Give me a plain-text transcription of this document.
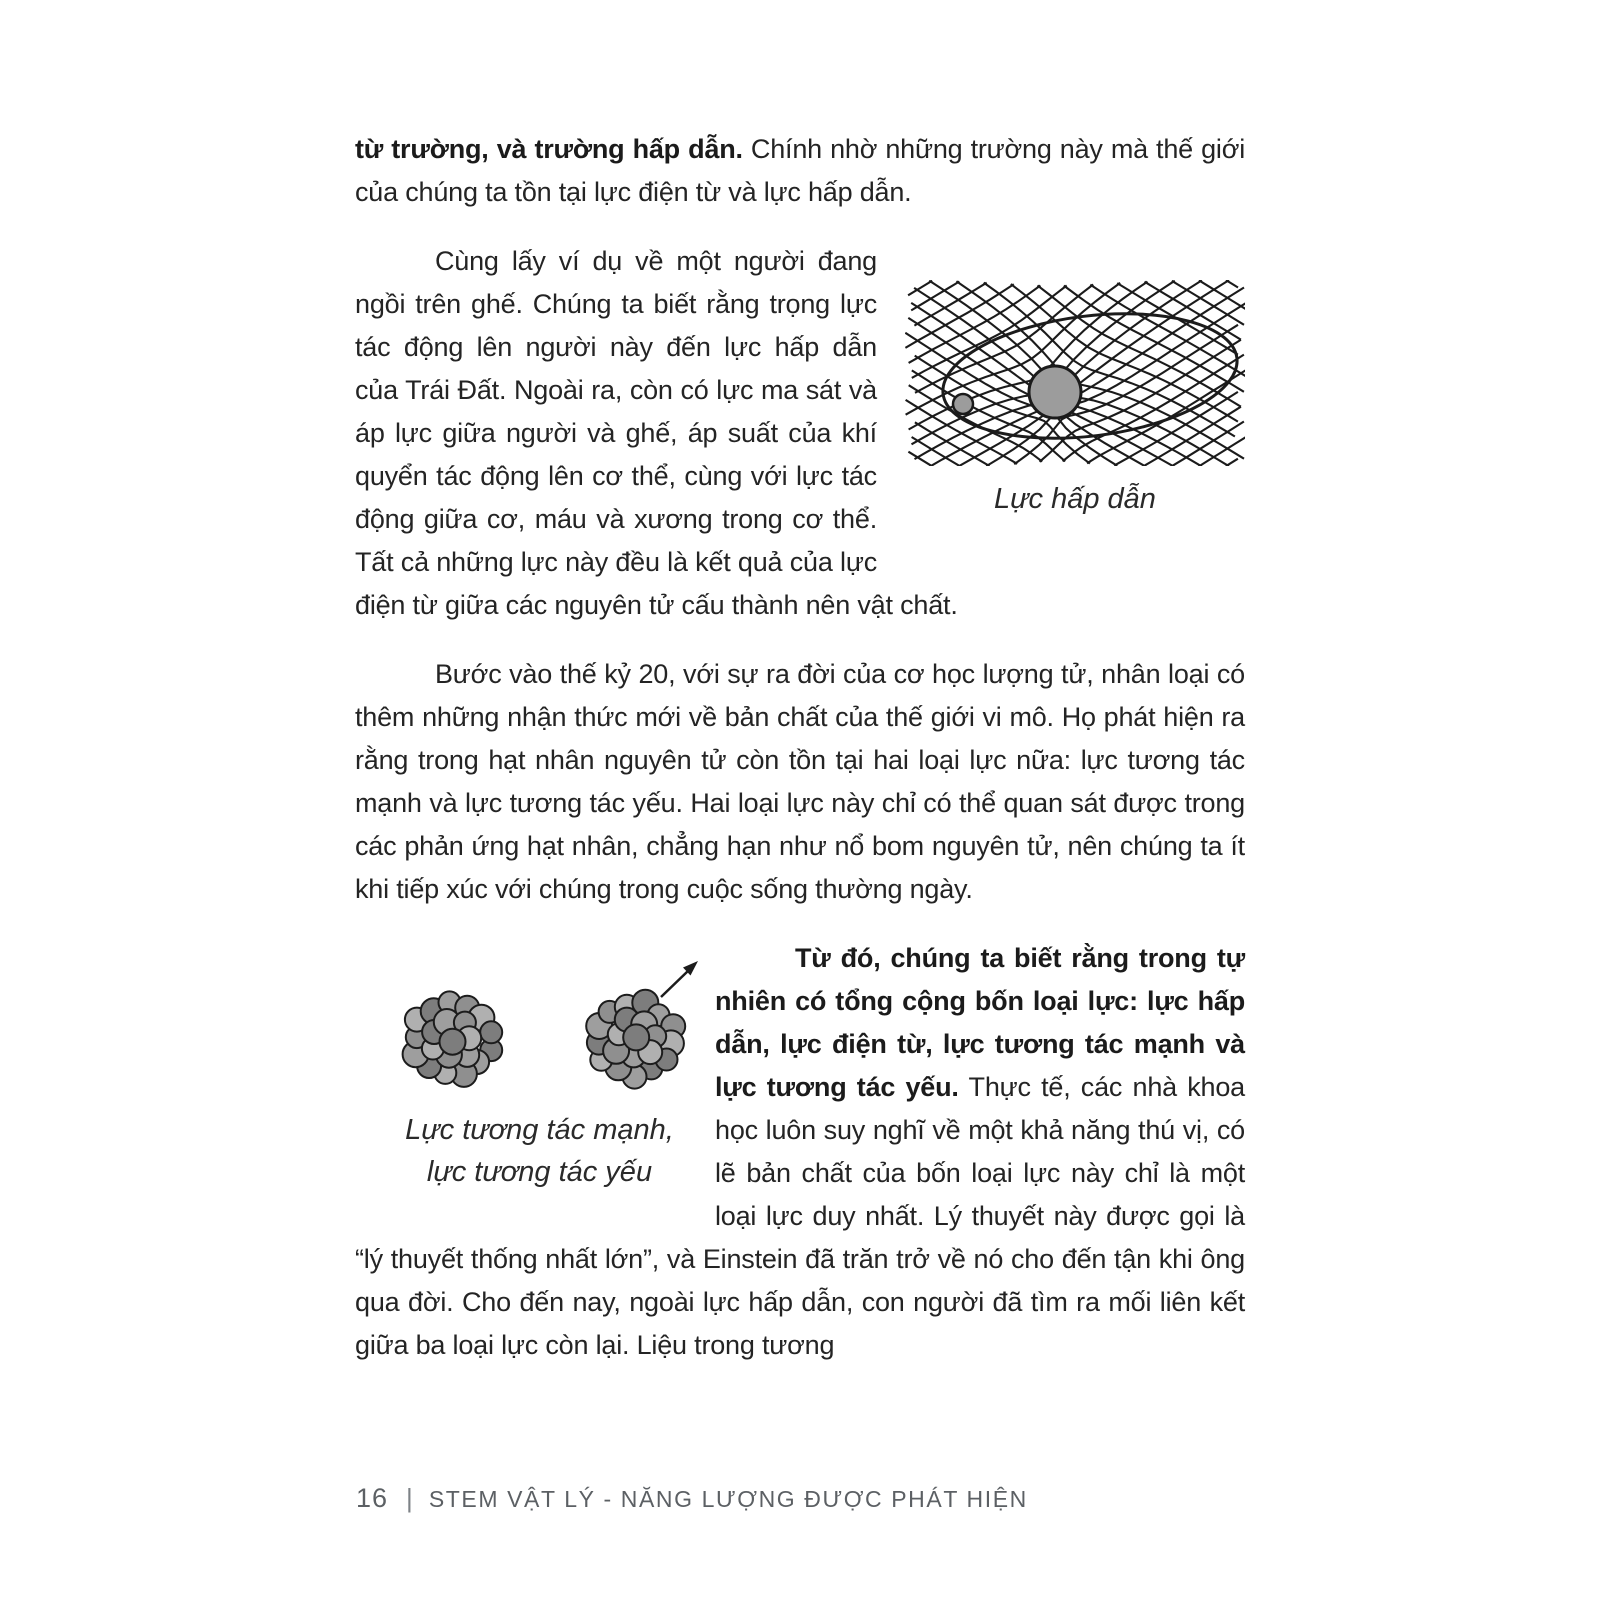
từ trường, và trường hấp dẫn. Chính nhờ những trường này mà thế giới của chúng ta tồn tại lực điện từ và lực hấp dẫn.

Lực hấp dẫn

Cùng lấy ví dụ về một người đang ngồi trên ghế. Chúng ta biết rằng trọng lực tác động lên người này đến lực hấp dẫn của Trái Đất. Ngoài ra, còn có lực ma sát và áp lực giữa người và ghế, áp suất của khí quyển tác động lên cơ thể, cùng với lực tác động giữa cơ, máu và xương trong cơ thể. Tất cả những lực này đều là kết quả của lực điện từ giữa các nguyên tử cấu thành nên vật chất.

Bước vào thế kỷ 20, với sự ra đời của cơ học lượng tử, nhân loại có thêm những nhận thức mới về bản chất của thế giới vi mô. Họ phát hiện ra rằng trong hạt nhân nguyên tử còn tồn tại hai loại lực nữa: lực tương tác mạnh và lực tương tác yếu. Hai loại lực này chỉ có thể quan sát được trong các phản ứng hạt nhân, chẳng hạn như nổ bom nguyên tử, nên chúng ta ít khi tiếp xúc với chúng trong cuộc sống thường ngày.

Lực tương tác mạnh,
lực tương tác yếu

Từ đó, chúng ta biết rằng trong tự nhiên có tổng cộng bốn loại lực: lực hấp dẫn, lực điện từ, lực tương tác mạnh và lực tương tác yếu. Thực tế, các nhà khoa học luôn suy nghĩ về một khả năng thú vị, có lẽ bản chất của bốn loại lực này chỉ là một loại lực duy nhất. Lý thuyết này được gọi là “lý thuyết thống nhất lớn”, và Einstein đã trăn trở về nó cho đến tận khi ông qua đời. Cho đến nay, ngoài lực hấp dẫn, con người đã tìm ra mối liên kết giữa ba loại lực còn lại. Liệu trong tương

16 | STEM VẬT LÝ - NĂNG LƯỢNG ĐƯỢC PHÁT HIỆN
